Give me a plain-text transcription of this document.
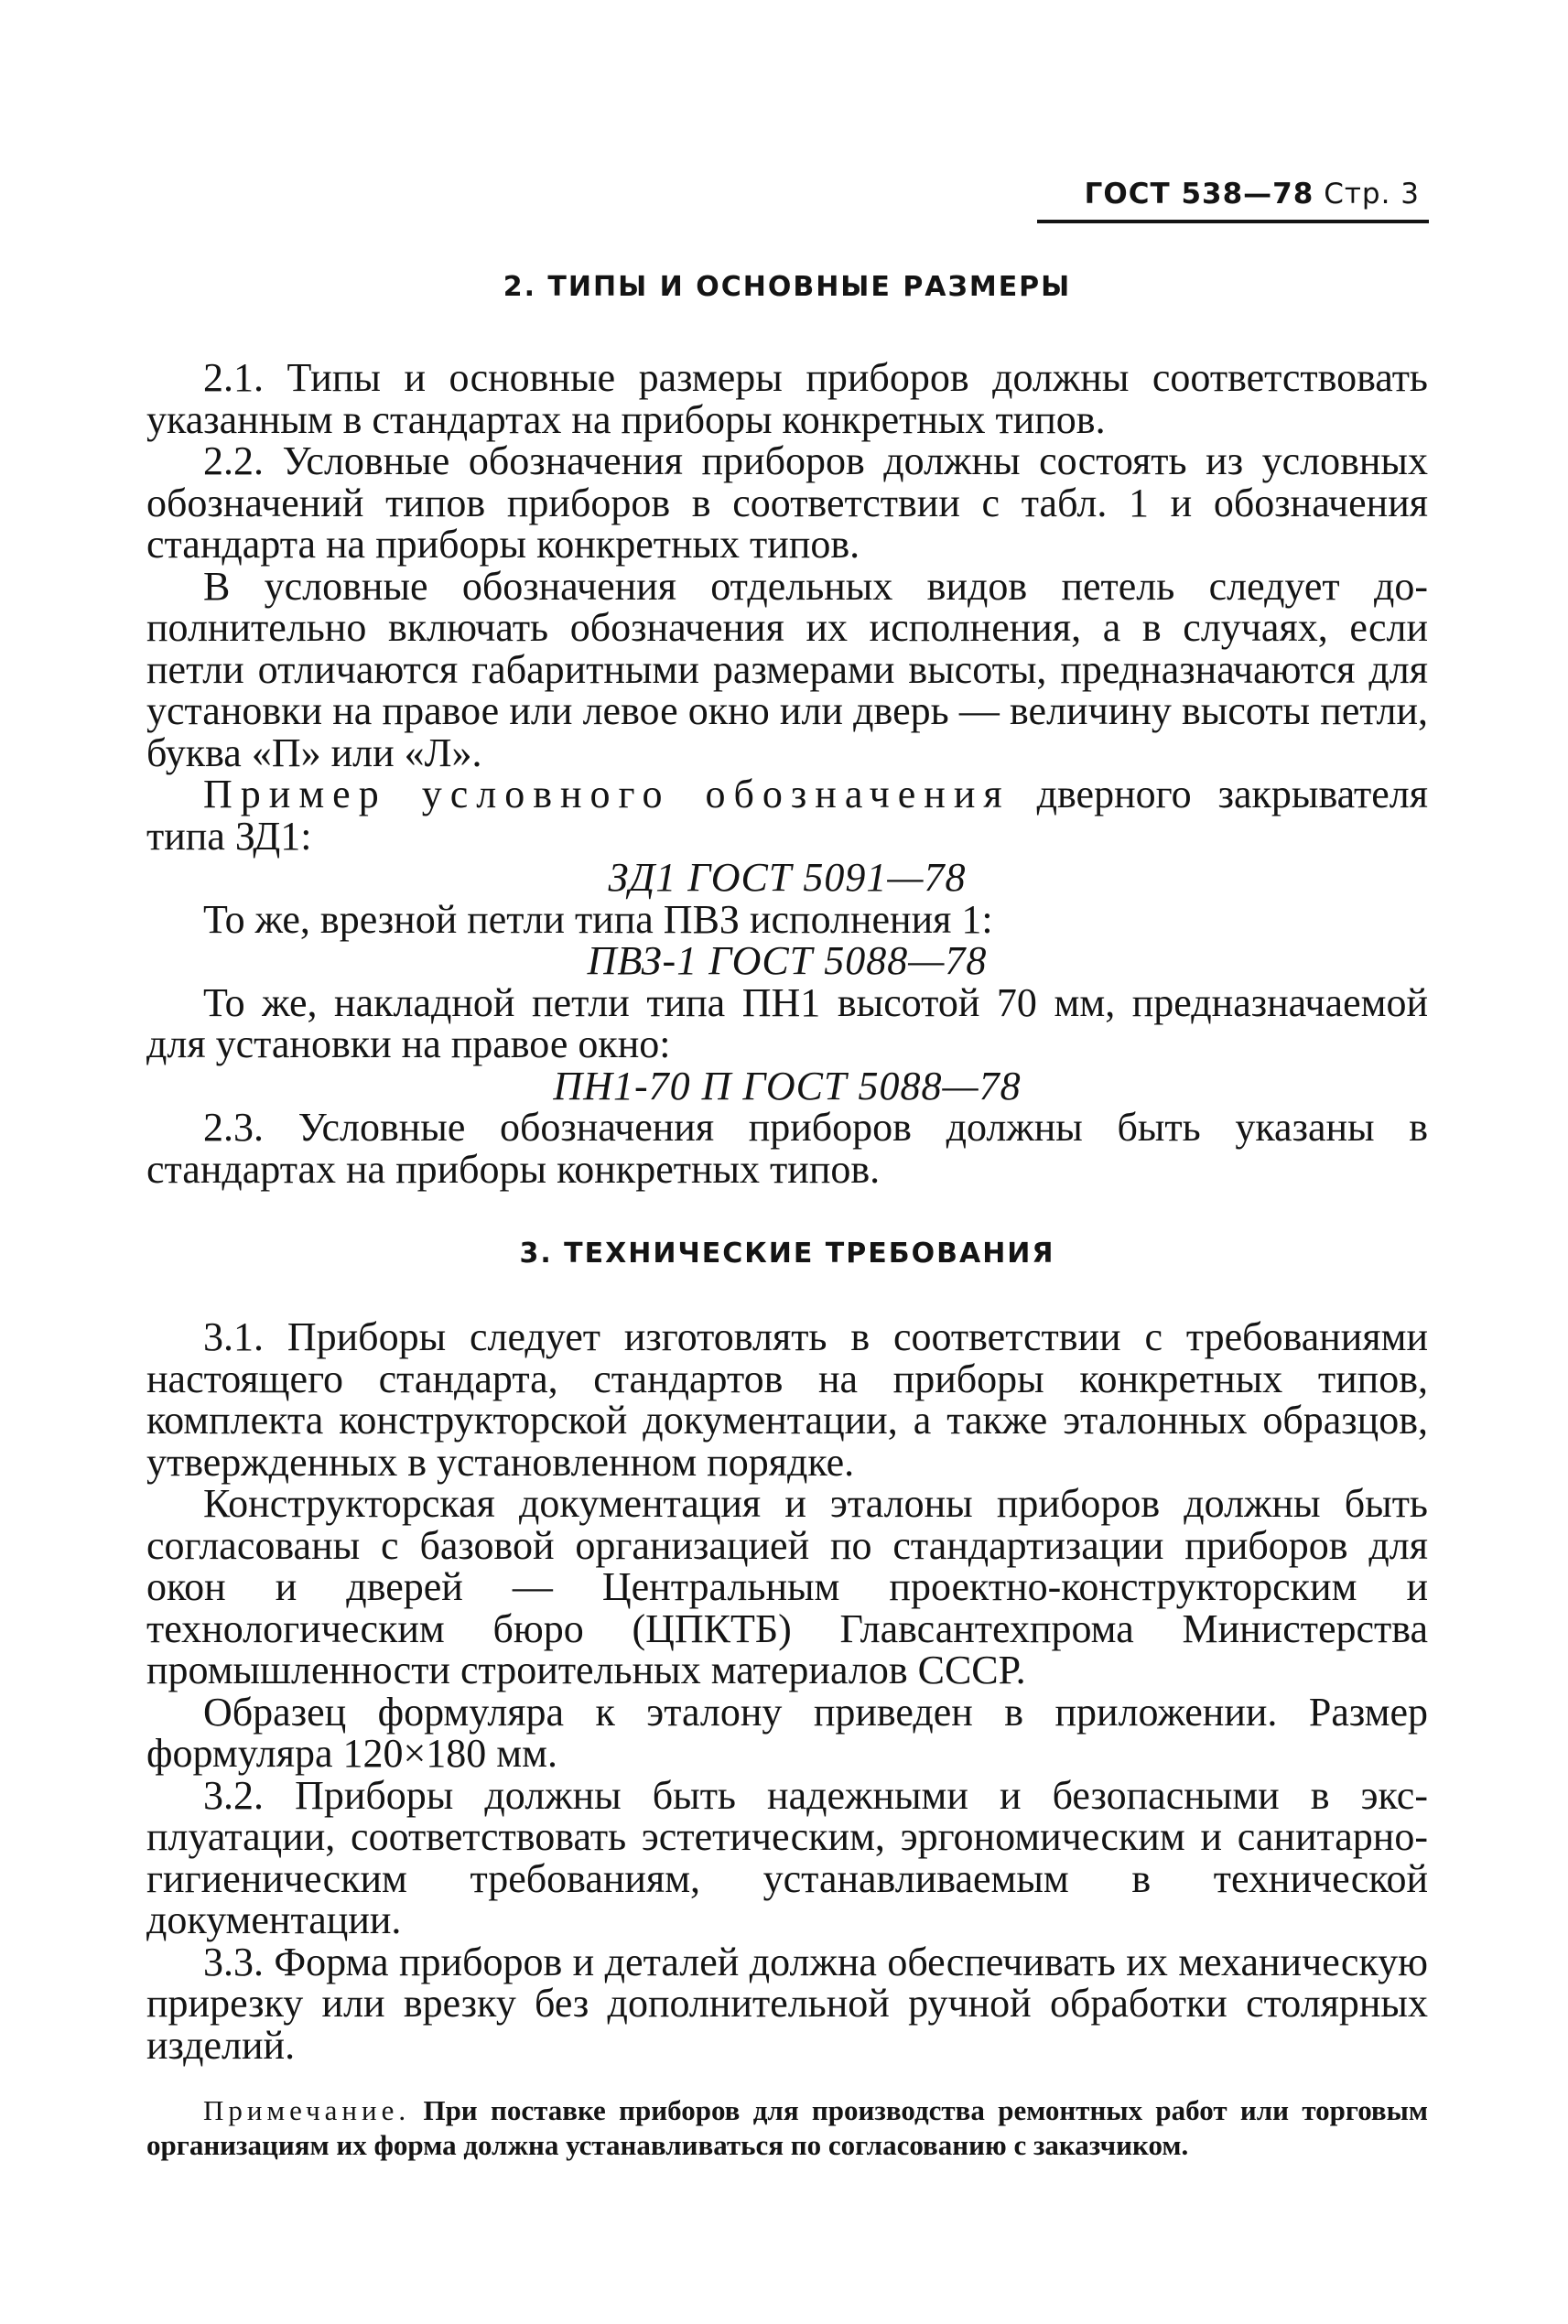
ГОСТ 538—78 Стр. 3
2. ТИПЫ И ОСНОВНЫЕ РАЗМЕРЫ

2.1. Типы и основные размеры приборов должны соответствовать указанным в стандартах на приборы конкретных типов.

2.2. Условные обозначения приборов должны состоять из условных обозначений типов приборов в соответствии с табл. 1 и обозначения стандарта на приборы конкретных типов.

В условные обозначения отдельных видов петель следует дополнительно включать обозначения их исполнения, а в случаях, если петли отличаются габаритными размерами высоты, предназначаются для установки на правое или левое окно или дверь — величину высоты петли, буква «П» или «Л».

Пример условного обозначения дверного закрывателя типа ЗД1:

ЗД1 ГОСТ 5091—78

То же, врезной петли типа ПВЗ исполнения 1:

ПВЗ-1 ГОСТ 5088—78

То же, накладной петли типа ПН1 высотой 70 мм, предназначаемой для установки на правое окно:

ПН1-70 П ГОСТ 5088—78

2.3. Условные обозначения приборов должны быть указаны в стандартах на приборы конкретных типов.

3. ТЕХНИЧЕСКИЕ ТРЕБОВАНИЯ

3.1. Приборы следует изготовлять в соответствии с требованиями настоящего стандарта, стандартов на приборы конкретных типов, комплекта конструкторской документации, а также эталонных образцов, утвержденных в установленном порядке.

Конструкторская документация и эталоны приборов должны быть согласованы с базовой организацией по стандартизации приборов для окон и дверей — Центральным проектно-конструкторским и технологическим бюро (ЦПКТБ) Главсантехпрома Министерства промышленности строительных материалов СССР.

Образец формуляра к эталону приведен в приложении. Размер формуляра 120×180 мм.

3.2. Приборы должны быть надежными и безопасными в эксплуатации, соответствовать эстетическим, эргономическим и санитарно-гигиеническим требованиям, устанавливаемым в технической документации.

3.3. Форма приборов и деталей должна обеспечивать их механическую прирезку или врезку без дополнительной ручной обработки столярных изделий.

Примечание. При поставке приборов для производства ремонтных работ или торговым организациям их форма должна устанавливаться по согласованию с заказчиком.
